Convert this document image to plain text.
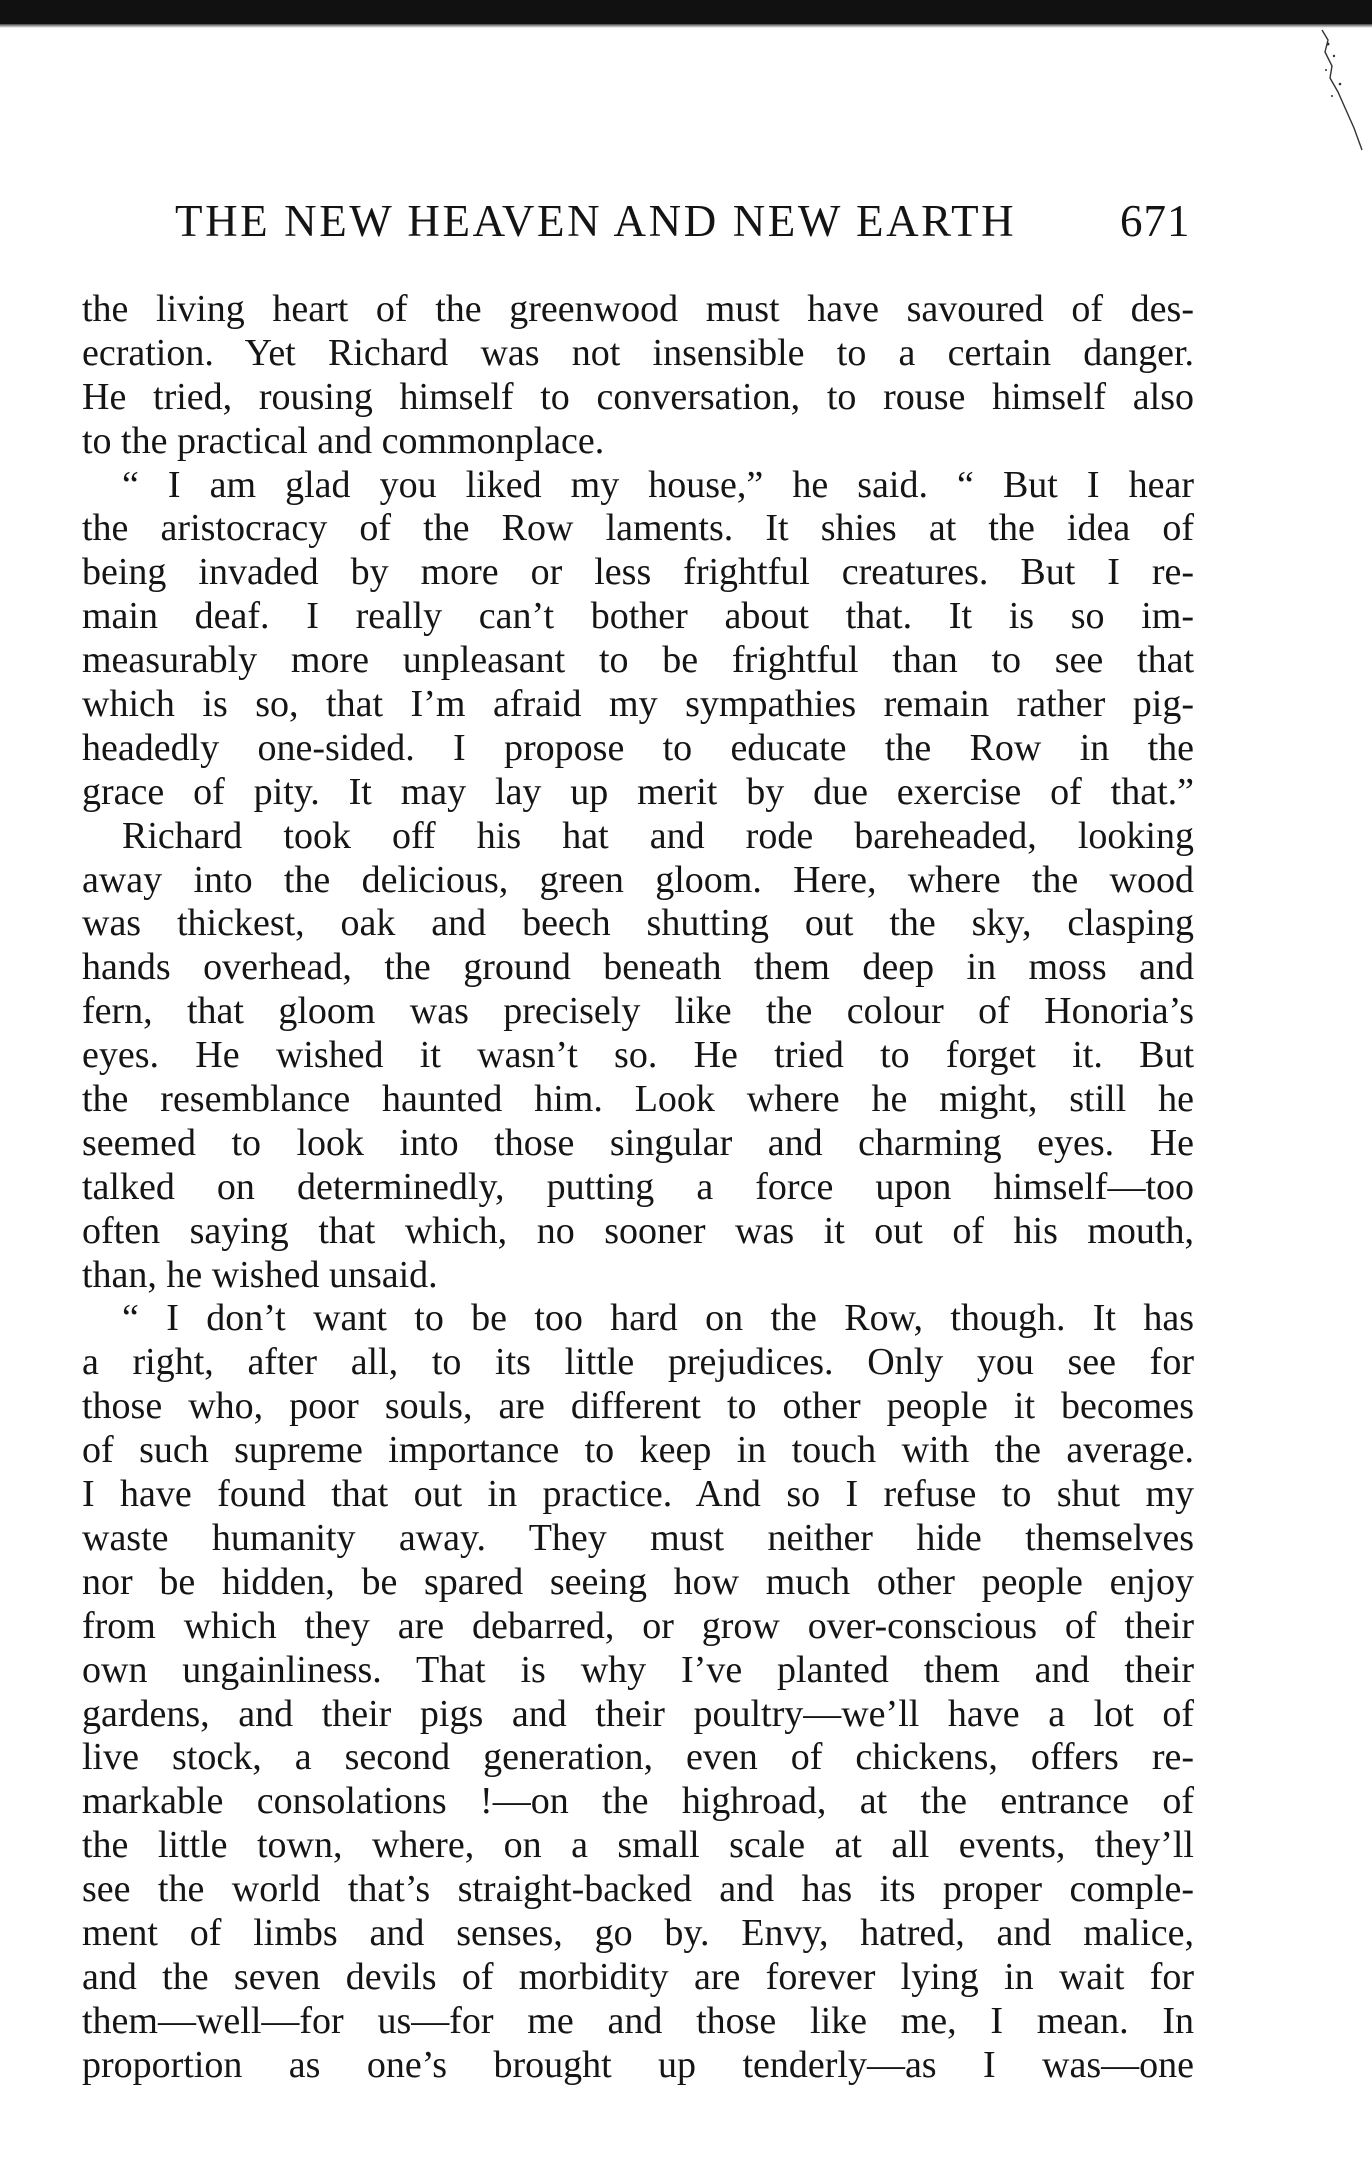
THE NEW HEAVEN AND NEW EARTH 671
the living heart of the greenwood must have savoured of des-
ecration. Yet Richard was not insensible to a certain danger.
He tried, rousing himself to conversation, to rouse himself also
to the practical and commonplace.
“ I am glad you liked my house,” he said. “ But I hear
the aristocracy of the Row laments. It shies at the idea of
being invaded by more or less frightful creatures. But I re-
main deaf. I really can’t bother about that. It is so im-
measurably more unpleasant to be frightful than to see that
which is so, that I’m afraid my sympathies remain rather pig-
headedly one-sided. I propose to educate the Row in the
grace of pity. It may lay up merit by due exercise of that.”
Richard took off his hat and rode bareheaded, looking
away into the delicious, green gloom. Here, where the wood
was thickest, oak and beech shutting out the sky, clasping
hands overhead, the ground beneath them deep in moss and
fern, that gloom was precisely like the colour of Honoria’s
eyes. He wished it wasn’t so. He tried to forget it. But
the resemblance haunted him. Look where he might, still he
seemed to look into those singular and charming eyes. He
talked on determinedly, putting a force upon himself—too
often saying that which, no sooner was it out of his mouth,
than, he wished unsaid.
“ I don’t want to be too hard on the Row, though. It has
a right, after all, to its little prejudices. Only you see for
those who, poor souls, are different to other people it becomes
of such supreme importance to keep in touch with the average.
I have found that out in practice. And so I refuse to shut my
waste humanity away. They must neither hide themselves
nor be hidden, be spared seeing how much other people enjoy
from which they are debarred, or grow over-conscious of their
own ungainliness. That is why I’ve planted them and their
gardens, and their pigs and their poultry—we’ll have a lot of
live stock, a second generation, even of chickens, offers re-
markable consolations !—on the highroad, at the entrance of
the little town, where, on a small scale at all events, they’ll
see the world that’s straight-backed and has its proper comple-
ment of limbs and senses, go by. Envy, hatred, and malice,
and the seven devils of morbidity are forever lying in wait for
them—well—for us—for me and those like me, I mean. In
proportion as one’s brought up tenderly—as I was—one
